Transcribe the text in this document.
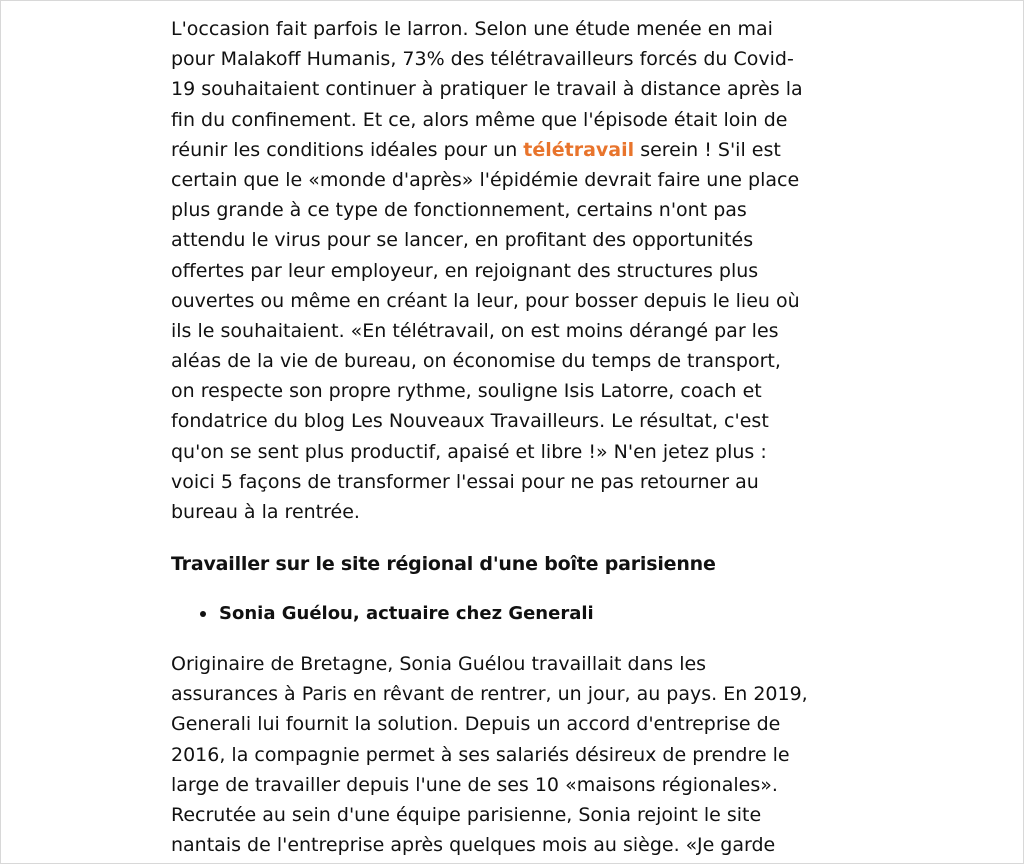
L'occasion fait parfois le larron. Selon une étude menée en mai
pour Malakoff Humanis, 73% des télétravailleurs forcés du Covid-
19 souhaitaient continuer à pratiquer le travail à distance après la
fin du confinement. Et ce, alors même que l'épisode était loin de
réunir les conditions idéales pour un télétravail serein ! S'il est
certain que le «monde d'après» l'épidémie devrait faire une place
plus grande à ce type de fonctionnement, certains n'ont pas
attendu le virus pour se lancer, en profitant des opportunités
offertes par leur employeur, en rejoignant des structures plus
ouvertes ou même en créant la leur, pour bosser depuis le lieu où
ils le souhaitaient. «En télétravail, on est moins dérangé par les
aléas de la vie de bureau, on économise du temps de transport,
on respecte son propre rythme, souligne Isis Latorre, coach et
fondatrice du blog Les Nouveaux Travailleurs. Le résultat, c'est
qu'on se sent plus productif, apaisé et libre !» N'en jetez plus :
voici 5 façons de transformer l'essai pour ne pas retourner au
bureau à la rentrée.

Travailler sur le site régional d'une boîte parisienne
Sonia Guélou, actuaire chez Generali

Originaire de Bretagne, Sonia Guélou travaillait dans les
assurances à Paris en rêvant de rentrer, un jour, au pays. En 2019,
Generali lui fournit la solution. Depuis un accord d'entreprise de
2016, la compagnie permet à ses salariés désireux de prendre le
large de travailler depuis l'une de ses 10 «maisons régionales».
Recrutée au sein d'une équipe parisienne, Sonia rejoint le site
nantais de l'entreprise après quelques mois au siège. «Je garde
